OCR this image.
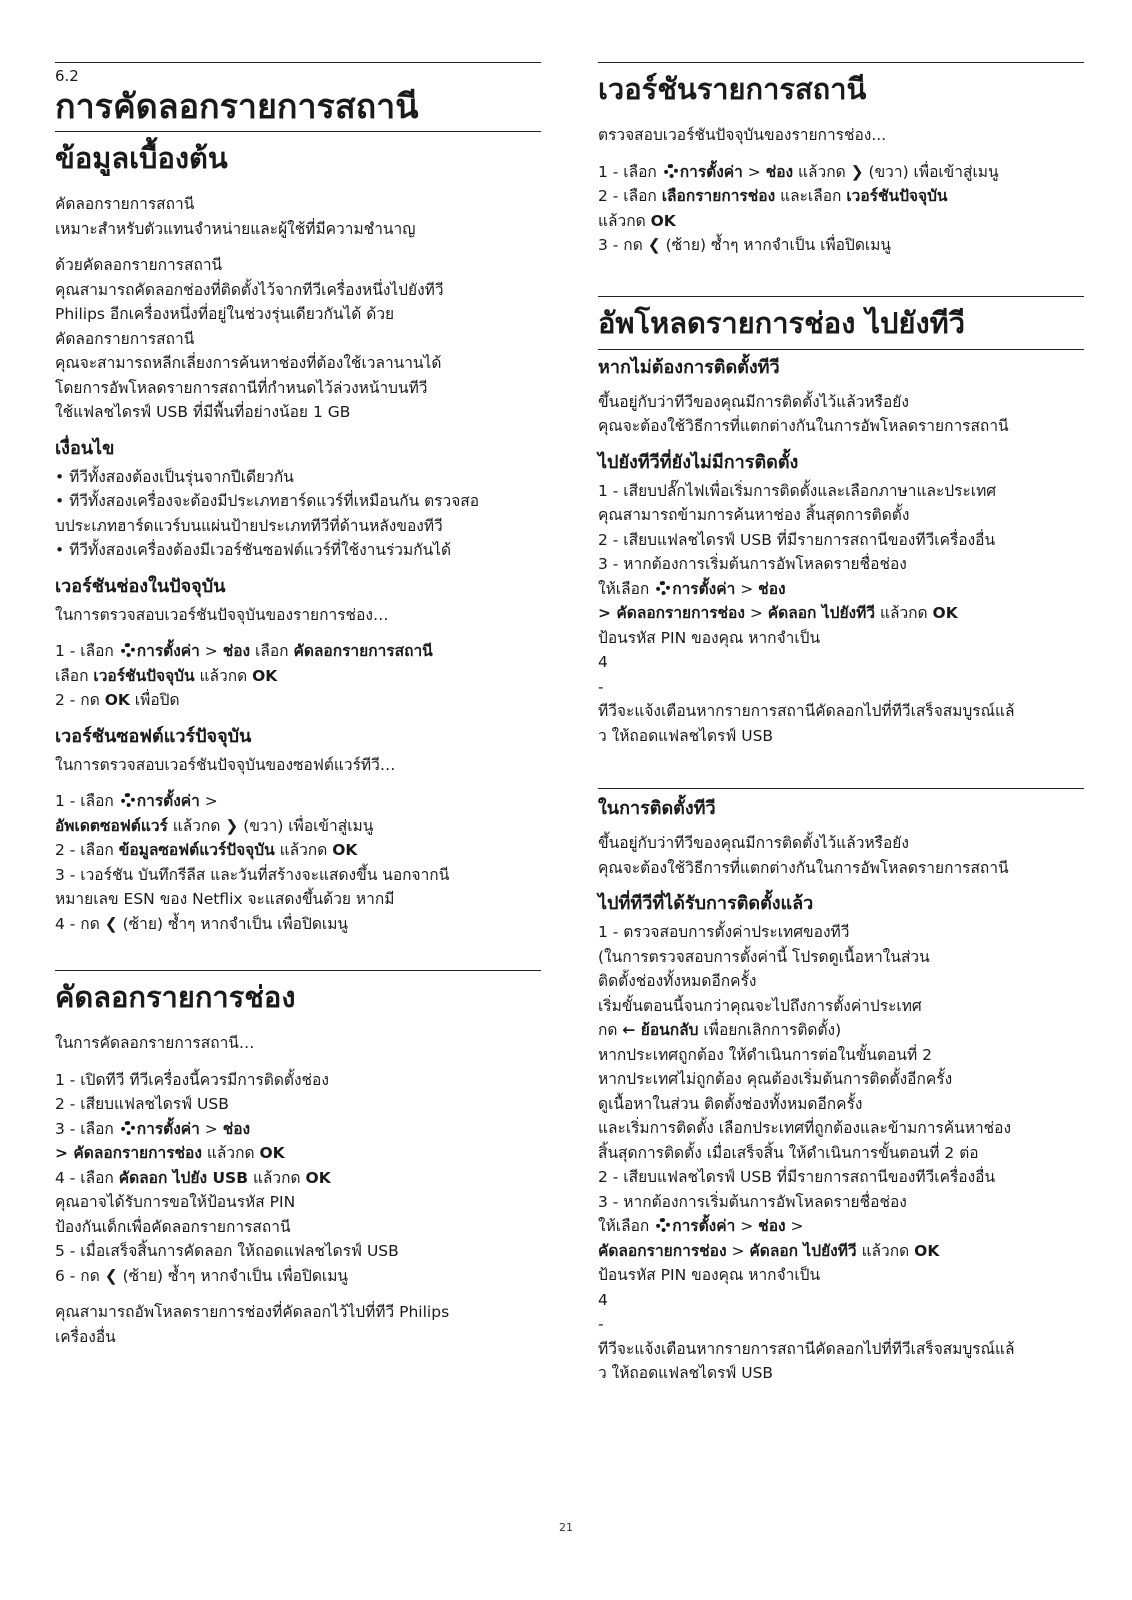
6.2
การคัดลอกรายการสถานี
ข้อมูลเบื้องต้น
คัดลอกรายการสถานี
เหมาะสำหรับตัวแทนจำหน่ายและผู้ใช้ที่มีความชำนาญ
ด้วยคัดลอกรายการสถานี
คุณสามารถคัดลอกช่องที่ติดตั้งไว้จากทีวีเครื่องหนึ่งไปยังทีวี
Philips อีกเครื่องหนึ่งที่อยู่ในช่วงรุ่นเดียวกันได้ ด้วย
คัดลอกรายการสถานี
คุณจะสามารถหลีกเลี่ยงการค้นหาช่องที่ต้องใช้เวลานานได้
โดยการอัพโหลดรายการสถานีที่กำหนดไว้ล่วงหน้าบนทีวี
ใช้แฟลชไดรฟ์ USB ที่มีพื้นที่อย่างน้อย 1 GB
เงื่อนไข
• ทีวีทั้งสองต้องเป็นรุ่นจากปีเดียวกัน
• ทีวีทั้งสองเครื่องจะต้องมีประเภทฮาร์ดแวร์ที่เหมือนกัน ตรวจสอ
บประเภทฮาร์ดแวร์บนแผ่นป้ายประเภททีวีที่ด้านหลังของทีวี
• ทีวีทั้งสองเครื่องต้องมีเวอร์ชันซอฟต์แวร์ที่ใช้งานร่วมกันได้
เวอร์ชันช่องในปัจจุบัน
ในการตรวจสอบเวอร์ชันปัจจุบันของรายการช่อง…
1 - เลือก การตั้งค่า > ช่อง เลือก คัดลอกรายการสถานี
เลือก เวอร์ชันปัจจุบัน แล้วกด OK
2 - กด OK เพื่อปิด
เวอร์ชันซอฟต์แวร์ปัจจุบัน
ในการตรวจสอบเวอร์ชันปัจจุบันของซอฟต์แวร์ทีวี…
1 - เลือก การตั้งค่า >
อัพเดตซอฟต์แวร์ แล้วกด ❯ (ขวา) เพื่อเข้าสู่เมนู
2 - เลือก ข้อมูลซอฟต์แวร์ปัจจุบัน แล้วกด OK
3 - เวอร์ชัน บันทึกรีลีส และวันที่สร้างจะแสดงขึ้น นอกจากนี
หมายเลข ESN ของ Netflix จะแสดงขึ้นด้วย หากมี
4 - กด ❮ (ซ้าย) ซ้ำๆ หากจำเป็น เพื่อปิดเมนู
คัดลอกรายการช่อง
ในการคัดลอกรายการสถานี…
1 - เปิดทีวี ทีวีเครื่องนี้ควรมีการติดตั้งช่อง
2 - เสียบแฟลชไดรฟ์ USB
3 - เลือก การตั้งค่า > ช่อง
> คัดลอกรายการช่อง แล้วกด OK
4 - เลือก คัดลอก ไปยัง USB แล้วกด OK
คุณอาจได้รับการขอให้ป้อนรหัส PIN
ป้องกันเด็กเพื่อคัดลอกรายการสถานี
5 - เมื่อเสร็จสิ้นการคัดลอก ให้ถอดแฟลชไดรฟ์ USB
6 - กด ❮ (ซ้าย) ซ้ำๆ หากจำเป็น เพื่อปิดเมนู
คุณสามารถอัพโหลดรายการช่องที่คัดลอกไว้ไปที่ทีวี Philips
เครื่องอื่น
เวอร์ชันรายการสถานี
ตรวจสอบเวอร์ชันปัจจุบันของรายการช่อง...
1 - เลือก การตั้งค่า > ช่อง แล้วกด ❯ (ขวา) เพื่อเข้าสู่เมนู
2 - เลือก เลือกรายการช่อง และเลือก เวอร์ชันปัจจุบัน
แล้วกด OK
3 - กด ❮ (ซ้าย) ซ้ำๆ หากจำเป็น เพื่อปิดเมนู
อัพโหลดรายการช่อง ไปยังทีวี
หากไม่ต้องการติดตั้งทีวี
ขึ้นอยู่กับว่าทีวีของคุณมีการติดตั้งไว้แล้วหรือยัง
คุณจะต้องใช้วิธีการที่แตกต่างกันในการอัพโหลดรายการสถานี
ไปยังทีวีที่ยังไม่มีการติดตั้ง
1 - เสียบปลั๊กไฟเพื่อเริ่มการติดตั้งและเลือกภาษาและประเทศ
คุณสามารถข้ามการค้นหาช่อง สิ้นสุดการติดตั้ง
2 - เสียบแฟลชไดรฟ์ USB ที่มีรายการสถานีของทีวีเครื่องอื่น
3 - หากต้องการเริ่มต้นการอัพโหลดรายชื่อช่อง
ให้เลือก การตั้งค่า > ช่อง
> คัดลอกรายการช่อง > คัดลอก ไปยังทีวี แล้วกด OK
ป้อนรหัส PIN ของคุณ หากจำเป็น
4
-
ทีวีจะแจ้งเตือนหากรายการสถานีคัดลอกไปที่ทีวีเสร็จสมบูรณ์แล้
ว ให้ถอดแฟลชไดรฟ์ USB
ในการติดตั้งทีวี
ขึ้นอยู่กับว่าทีวีของคุณมีการติดตั้งไว้แล้วหรือยัง
คุณจะต้องใช้วิธีการที่แตกต่างกันในการอัพโหลดรายการสถานี
ไปที่ทีวีที่ได้รับการติดตั้งแล้ว
1 - ตรวจสอบการตั้งค่าประเทศของทีวี
(ในการตรวจสอบการตั้งค่านี้ โปรดดูเนื้อหาในส่วน
ติดตั้งช่องทั้งหมดอีกครั้ง
เริ่มขั้นตอนนี้จนกว่าคุณจะไปถึงการตั้งค่าประเทศ
กด ← ย้อนกลับ เพื่อยกเลิกการติดตั้ง)
หากประเทศถูกต้อง ให้ดำเนินการต่อในขั้นตอนที่ 2
หากประเทศไม่ถูกต้อง คุณต้องเริ่มต้นการติดตั้งอีกครั้ง
ดูเนื้อหาในส่วน ติดตั้งช่องทั้งหมดอีกครั้ง
และเริ่มการติดตั้ง เลือกประเทศที่ถูกต้องและข้ามการค้นหาช่อง
สิ้นสุดการติดตั้ง เมื่อเสร็จสิ้น ให้ดำเนินการขั้นตอนที่ 2 ต่อ
2 - เสียบแฟลชไดรฟ์ USB ที่มีรายการสถานีของทีวีเครื่องอื่น
3 - หากต้องการเริ่มต้นการอัพโหลดรายชื่อช่อง
ให้เลือก การตั้งค่า > ช่อง >
คัดลอกรายการช่อง > คัดลอก ไปยังทีวี แล้วกด OK
ป้อนรหัส PIN ของคุณ หากจำเป็น
4
-
ทีวีจะแจ้งเตือนหากรายการสถานีคัดลอกไปที่ทีวีเสร็จสมบูรณ์แล้
ว ให้ถอดแฟลชไดรฟ์ USB
21
